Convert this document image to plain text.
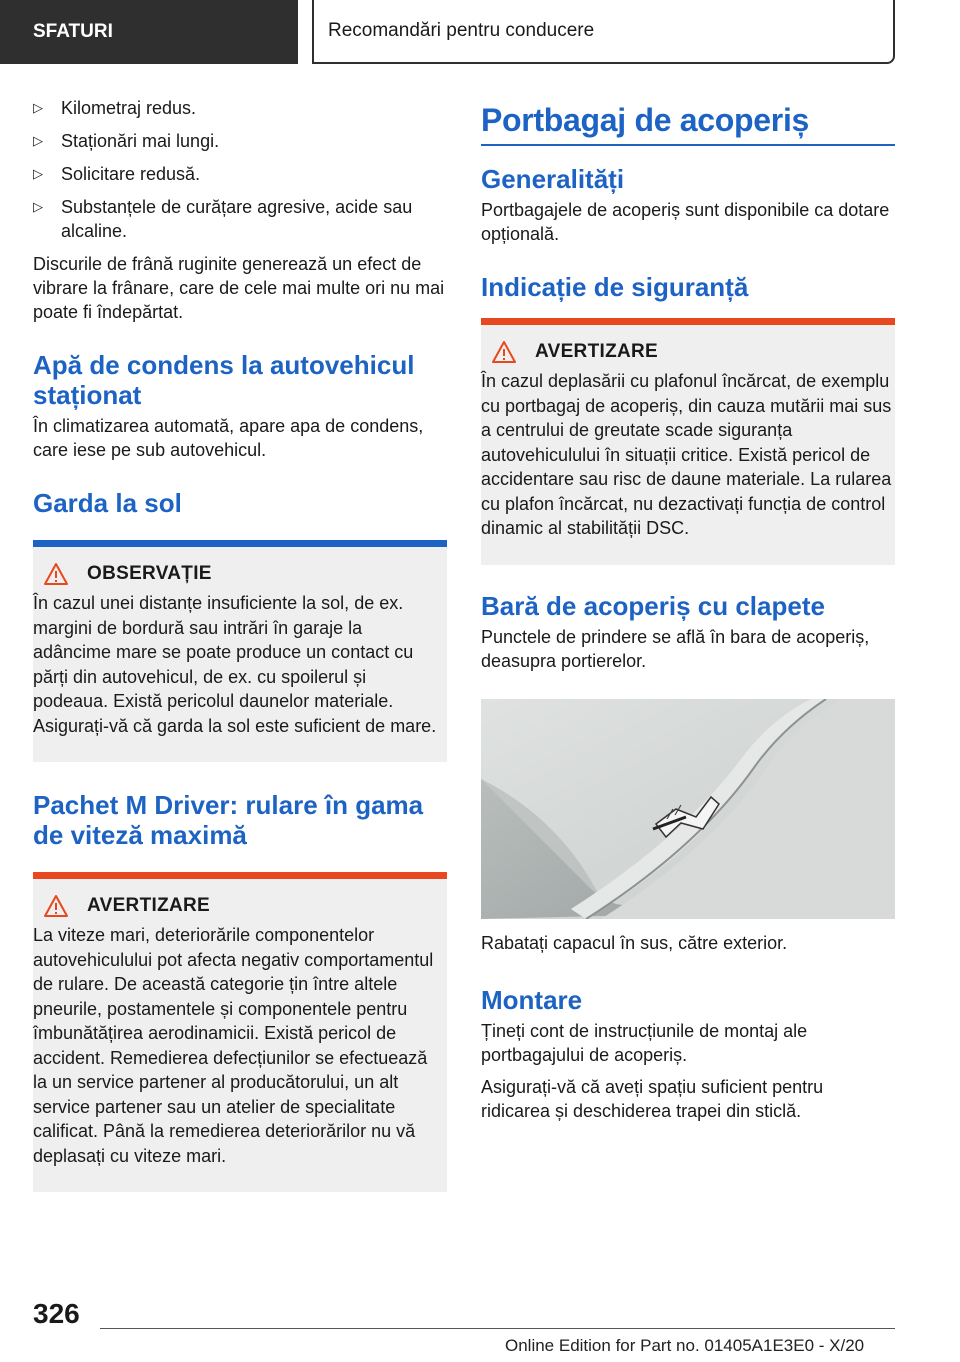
SFATURI	Recomandări pentru conducere
▷ Kilometraj redus.
▷ Staționări mai lungi.
▷ Solicitare redusă.
▷ Substanțele de curățare agresive, acide sau alcaline.

Discurile de frână ruginite generează un efect de vibrare la frânare, care de cele mai multe ori nu mai poate fi îndepărtat.

Apă de condens la autovehicul staționat

În climatizarea automată, apare apa de condens, care iese pe sub autovehicul.

Garda la sol
OBSERVAȚIE

În cazul unei distanțe insuficiente la sol, de ex. margini de bordură sau intrări în garaje la adâncime mare se poate produce un contact cu părți din autovehicul, de ex. cu spoilerul și podeaua. Există pericolul daunelor materiale. Asigurați-vă că garda la sol este suficient de mare.

Pachet M Driver: rulare în gama de viteză maximă
AVERTIZARE

La viteze mari, deteriorările componentelor autovehiculului pot afecta negativ comportamentul de rulare. De această categorie țin între altele pneurile, postamentele și componentele pentru îmbunătățirea aerodinamicii. Există pericol de accident. Remedierea defecțiunilor se efectuează la un service partener al producătorului, un alt service partener sau un atelier de specialitate calificat. Până la remedierea deteriorărilor nu vă deplasați cu viteze mari.

Portbagaj de acoperiș
Generalități

Portbagajele de acoperiș sunt disponibile ca dotare opțională.

Indicație de siguranță
AVERTIZARE

În cazul deplasării cu plafonul încărcat, de exemplu cu portbagaj de acoperiș, din cauza mutării mai sus a centrului de greutate scade siguranța autovehiculului în situații critice. Există pericol de accidentare sau risc de daune materiale. La rularea cu plafon încărcat, nu dezactivați funcția de control dinamic al stabilității DSC.

Bară de acoperiș cu clapete

Punctele de prindere se află în bara de acoperiș, deasupra portierelor.

Rabatați capacul în sus, către exterior.

Montare

Țineți cont de instrucțiunile de montaj ale portbagajului de acoperiș.

Asigurați-vă că aveți spațiu suficient pentru ridicarea și deschiderea trapei din sticlă.

326
Online Edition for Part no. 01405A1E3E0 - X/20
